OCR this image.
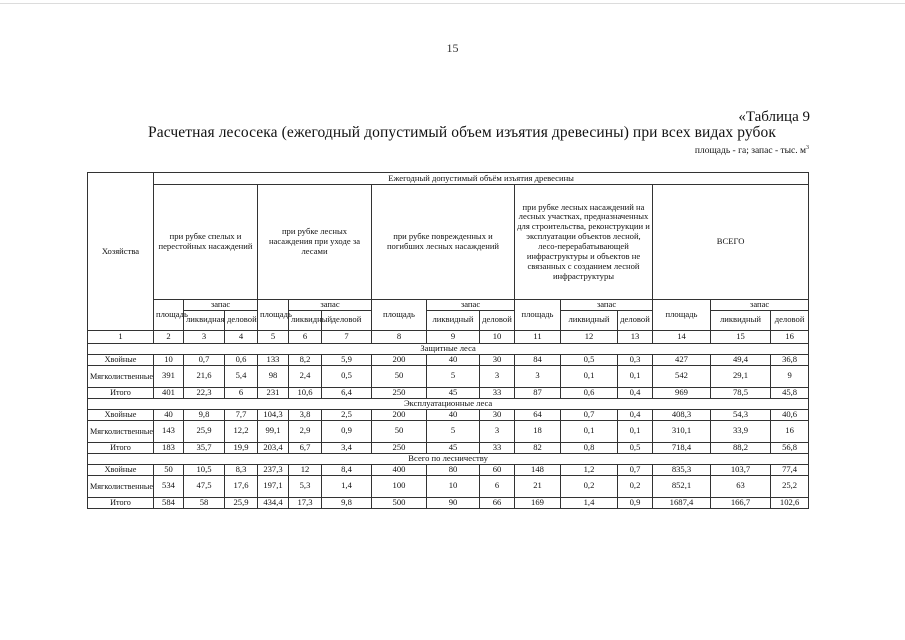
15
«Таблица 9
Расчетная лесосека (ежегодный допустимый объем изъятия древесины) при всех видах рубок
площадь - га; запас - тыс. $м^3$
Хозяйства	Ежегодный допустимый объём изъятия древесины														
	при рубке спелых и перестойных насаждений			при рубке лесных насаждения при уходе за лесами			при рубке поврежденных и погибших лесных насаждений			при рубке лесных насаждений на лесных участках, предназначенных для строительства, реконструкции и эксплуатации объектов лесной, лесо-перерабатывающей инфраструктуры и объектов не связанных с созданием лесной инфраструктуры			ВСЕГО		
	площадь	запас		площадь	запас		площадь	запас		площадь	запас		площадь	запас	
		ликвидная	деловой		ликвидный	деловой		ликвидный	деловой		ликвидный	деловой		ликвидный	деловой
1	2	3	4	5	6	7	8	9	10	11	12	13	14	15	16
Защитные леса															
Хвойные	10	0,7	0,6	133	8,2	5,9	200	40	30	84	0,5	0,3	427	49,4	36,8
Мягколиственные	391	21,6	5,4	98	2,4	0,5	50	5	3	3	0,1	0,1	542	29,1	9
Итого	401	22,3	6	231	10,6	6,4	250	45	33	87	0,6	0,4	969	78,5	45,8
Эксплуатационные леса															
Хвойные	40	9,8	7,7	104,3	3,8	2,5	200	40	30	64	0,7	0,4	408,3	54,3	40,6
Мягколиственные	143	25,9	12,2	99,1	2,9	0,9	50	5	3	18	0,1	0,1	310,1	33,9	16
Итого	183	35,7	19,9	203,4	6,7	3,4	250	45	33	82	0,8	0,5	718,4	88,2	56,8
Всего по лесничеству															
Хвойные	50	10,5	8,3	237,3	12	8,4	400	80	60	148	1,2	0,7	835,3	103,7	77,4
Мягколиственные	534	47,5	17,6	197,1	5,3	1,4	100	10	6	21	0,2	0,2	852,1	63	25,2
Итого	584	58	25,9	434,4	17,3	9,8	500	90	66	169	1,4	0,9	1687,4	166,7	102,6
